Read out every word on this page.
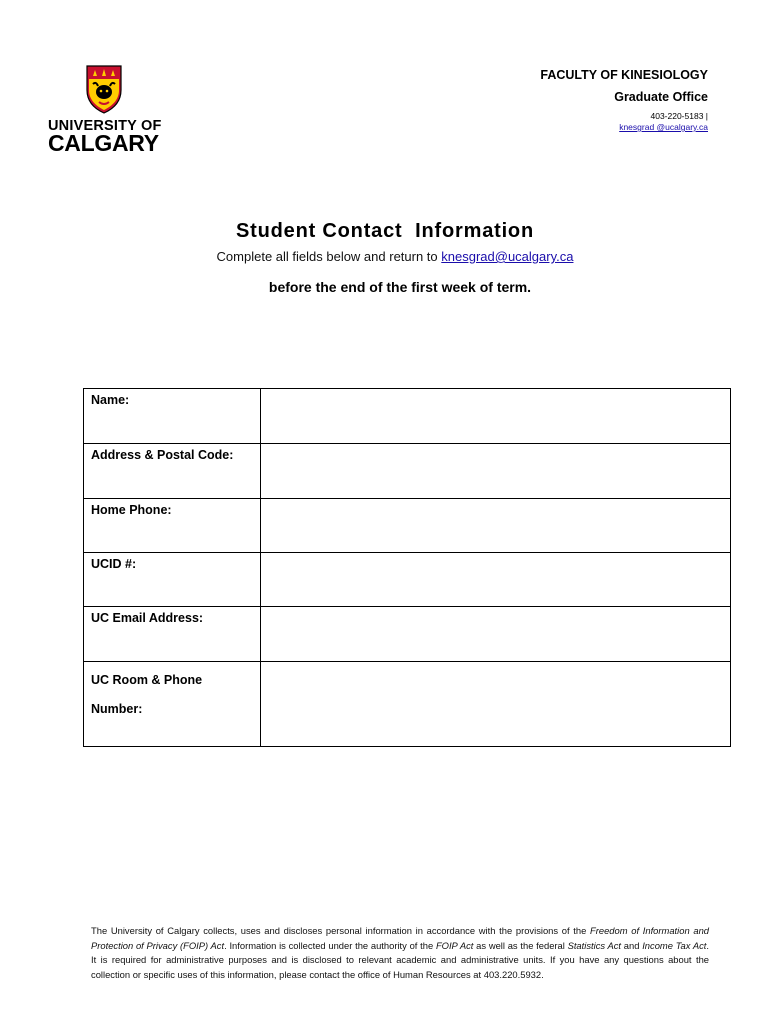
UNIVERSITY OF
CALGARY
FACULTY OF KINESIOLOGY
Graduate Office
403-220-5183 |
knesgrad @ucalgary.ca
Student Contact  Information
Complete all fields below and return to knesgrad@ucalgary.ca
before the end of the first week of term.
Name:	
Address & Postal Code:	
Home Phone:	
UCID #:	
UC Email Address:	

UC Room & Phone
Number:	

The University of Calgary collects, uses and discloses personal information in accordance with the provisions of the Freedom of Information and Protection of Privacy (FOIP) Act. Information is collected under the authority of the FOIP Act as well as the federal Statistics Act and Income Tax Act. It is required for administrative purposes and is disclosed to relevant academic and administrative units. If you have any questions about the collection or specific uses of this information, please contact the office of Human Resources at 403.220.5932.
